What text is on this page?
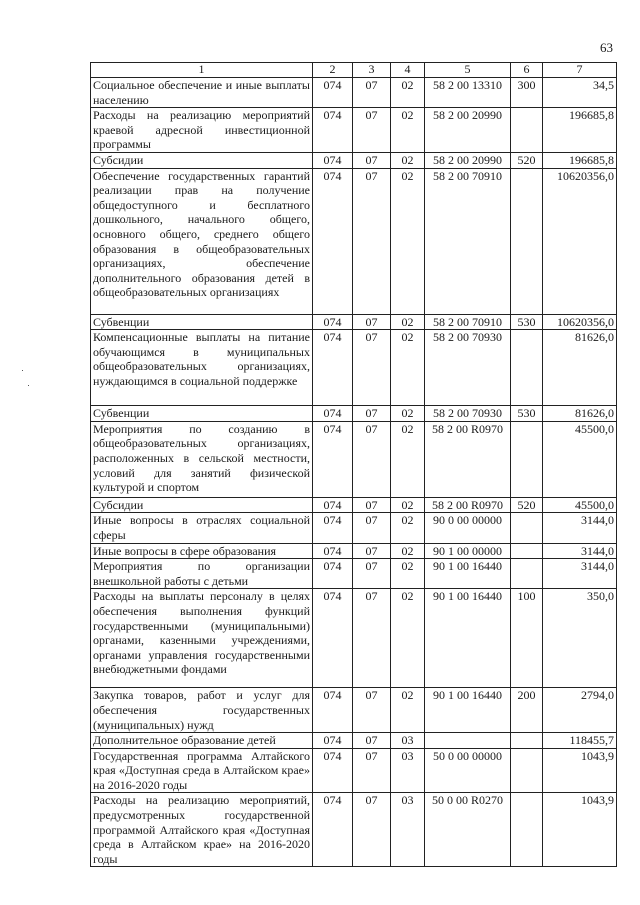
63
1	2	3	4	5	6	7
Социальное обеспечение и иные выплаты населению	074	07	02	58 2 00 13310	300	34,5
Расходы на реализацию мероприятий краевой адресной инвестиционной программы	074	07	02	58 2 00 20990		196685,8
Субсидии	074	07	02	58 2 00 20990	520	196685,8
Обеспечение государственных гарантий реализации прав на получение общедоступного и бесплатного дошкольного, начального общего, основного общего, среднего общего образования в общеобразовательных организациях, обеспечение дополнительного образования детей в общеобразовательных организациях	074	07	02	58 2 00 70910		10620356,0
Субвенции	074	07	02	58 2 00 70910	530	10620356,0
Компенсационные выплаты на питание обучающимся в муниципальных общеобразовательных организациях, нуждающимся в социальной поддержке	074	07	02	58 2 00 70930		81626,0
Субвенции	074	07	02	58 2 00 70930	530	81626,0
Мероприятия по созданию в общеобразовательных организациях, расположенных в сельской местности, условий для занятий физической культурой и спортом	074	07	02	58 2 00 R0970		45500,0
Субсидии	074	07	02	58 2 00 R0970	520	45500,0
Иные вопросы в отраслях социальной сферы	074	07	02	90 0 00 00000		3144,0
Иные вопросы в сфере образования	074	07	02	90 1 00 00000		3144,0
Мероприятия по организации внешкольной работы с детьми	074	07	02	90 1 00 16440		3144,0
Расходы на выплаты персоналу в целях обеспечения выполнения функций государственными (муниципальными) органами, казенными учреждениями, органами управления государственными внебюджетными фондами	074	07	02	90 1 00 16440	100	350,0
Закупка товаров, работ и услуг для обеспечения государственных (муниципальных) нужд	074	07	02	90 1 00 16440	200	2794,0
Дополнительное образование детей	074	07	03			118455,7
Государственная программа Алтайского края «Доступная среда в Алтайском крае» на 2016-2020 годы	074	07	03	50 0 00 00000		1043,9
Расходы на реализацию мероприятий, предусмотренных государственной программой Алтайского края «Доступная среда в Алтайском крае» на 2016-2020 годы	074	07	03	50 0 00 R0270		1043,9
